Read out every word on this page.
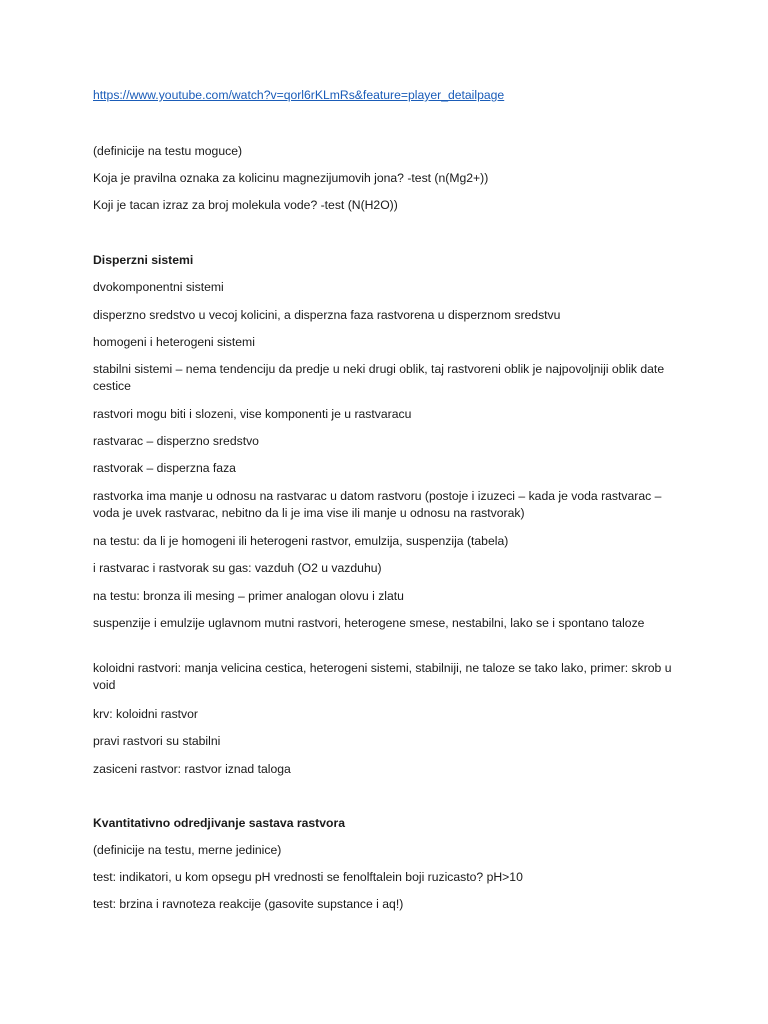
https://www.youtube.com/watch?v=qorl6rKLmRs&feature=player_detailpage

(definicije na testu moguce)

Koja je pravilna oznaka za kolicinu magnezijumovih jona? -test (n(Mg2+))

Koji je tacan izraz za broj molekula vode? -test (N(H2O))

Disperzni sistemi

dvokomponentni sistemi

disperzno sredstvo u vecoj kolicini, a disperzna faza rastvorena u disperznom sredstvu

homogeni i heterogeni sistemi

stabilni sistemi – nema tendenciju da predje u neki drugi oblik, taj rastvoreni oblik je najpovoljniji oblik date cestice

rastvori mogu biti i slozeni, vise komponenti je u rastvaracu

rastvarac – disperzno sredstvo

rastvorak – disperzna faza

rastvorka ima manje u odnosu na rastvarac u datom rastvoru (postoje i izuzeci – kada je voda rastvarac – voda je uvek rastvarac, nebitno da li je ima vise ili manje u odnosu na rastvorak)

na testu: da li je homogeni ili heterogeni rastvor, emulzija, suspenzija (tabela)

i rastvarac i rastvorak su gas: vazduh (O2 u vazduhu)

na testu: bronza ili mesing – primer analogan olovu i zlatu

suspenzije i emulzije uglavnom mutni rastvori, heterogene smese, nestabilni, lako se i spontano taloze

koloidni rastvori: manja velicina cestica, heterogeni sistemi, stabilniji, ne taloze se tako lako, primer: skrob u void

krv: koloidni rastvor

pravi rastvori su stabilni

zasiceni rastvor: rastvor iznad taloga

Kvantitativno odredjivanje sastava rastvora

(definicije na testu, merne jedinice)

test: indikatori, u kom opsegu pH vrednosti se fenolftalein boji ruzicasto? pH>10

test: brzina i ravnoteza reakcije (gasovite supstance i aq!)
